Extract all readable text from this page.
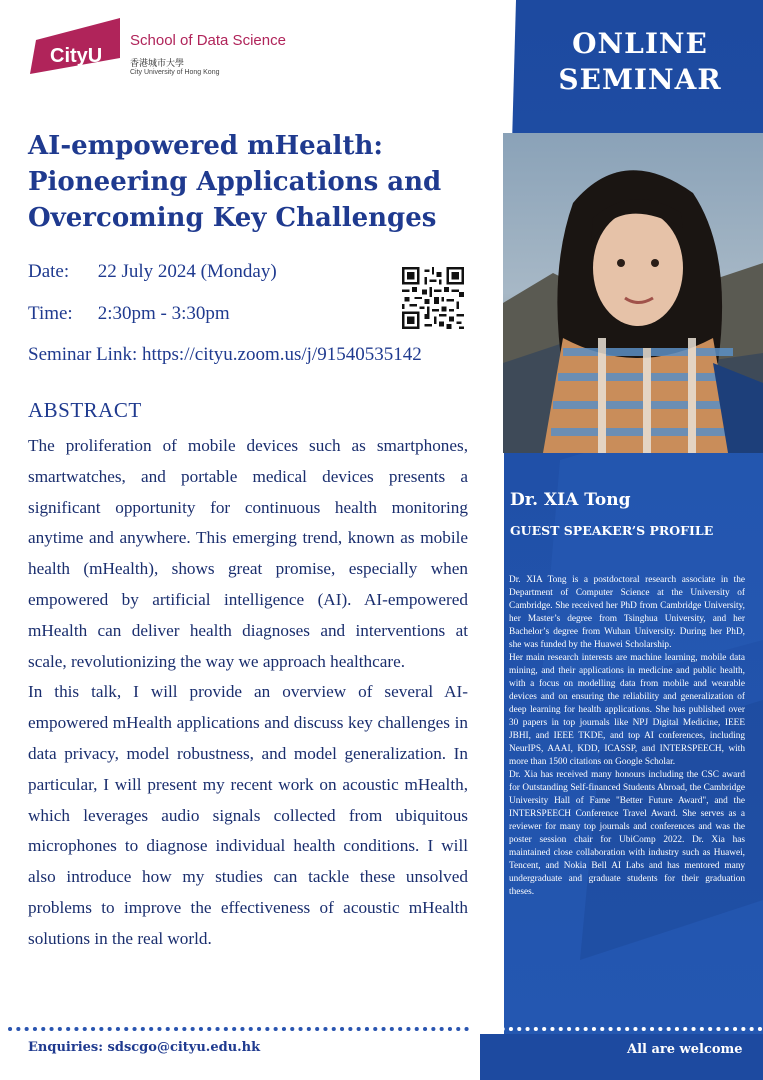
CityU
School of Data Science
香港城市大學
City University of Hong Kong
ONLINE
SEMINAR
AI-empowered mHealth:
Pioneering Applications and
Overcoming Key Challenges
Date: 22 July 2024 (Monday)
Time: 2:30pm - 3:30pm
Seminar Link: https://cityu.zoom.us/j/91540535142
ABSTRACT

The proliferation of mobile devices such as smartphones, smartwatches, and portable medical devices presents a significant opportunity for continuous health monitoring anytime and anywhere. This emerging trend, known as mobile health (mHealth), shows great promise, especially when empowered by artificial intelligence (AI). AI-empowered mHealth can deliver health diagnoses and interventions at scale, revolutionizing the way we approach healthcare.

In this talk, I will provide an overview of several AI-empowered mHealth applications and discuss key challenges in data privacy, model robustness, and model generalization. In particular, I will present my recent work on acoustic mHealth, which leverages audio signals collected from ubiquitous microphones to diagnose individual health conditions. I will also introduce how my studies can tackle these unsolved problems to improve the effectiveness of acoustic mHealth solutions in the real world.

Dr. XIA Tong
GUEST SPEAKER’S PROFILE

Dr. XIA Tong is a postdoctoral research associate in the Department of Computer Science at the University of Cambridge. She received her PhD from Cambridge University, her Master’s degree from Tsinghua University, and her Bachelor’s degree from Wuhan University. During her PhD, she was funded by the Huawei Scholarship.

Her main research interests are machine learning, mobile data mining, and their applications in medicine and public health, with a focus on modelling data from mobile and wearable devices and on ensuring the reliability and generalization of deep learning for health applications. She has published over 30 papers in top journals like NPJ Digital Medicine, IEEE JBHI, and IEEE TKDE, and top AI conferences, including NeurIPS, AAAI, KDD, ICASSP, and INTERSPEECH, with more than 1500 citations on Google Scholar.

Dr. Xia has received many honours including the CSC award for Outstanding Self-financed Students Abroad, the Cambridge University Hall of Fame "Better Future Award", and the INTERSPEECH Conference Travel Award. She serves as a reviewer for many top journals and conferences and was the poster session chair for UbiComp 2022. Dr. Xia has maintained close collaboration with industry such as Huawei, Tencent, and Nokia Bell AI Labs and has mentored many undergraduate and graduate students for their graduation theses.

Enquiries: sdscgo@cityu.edu.hk	All are welcome
